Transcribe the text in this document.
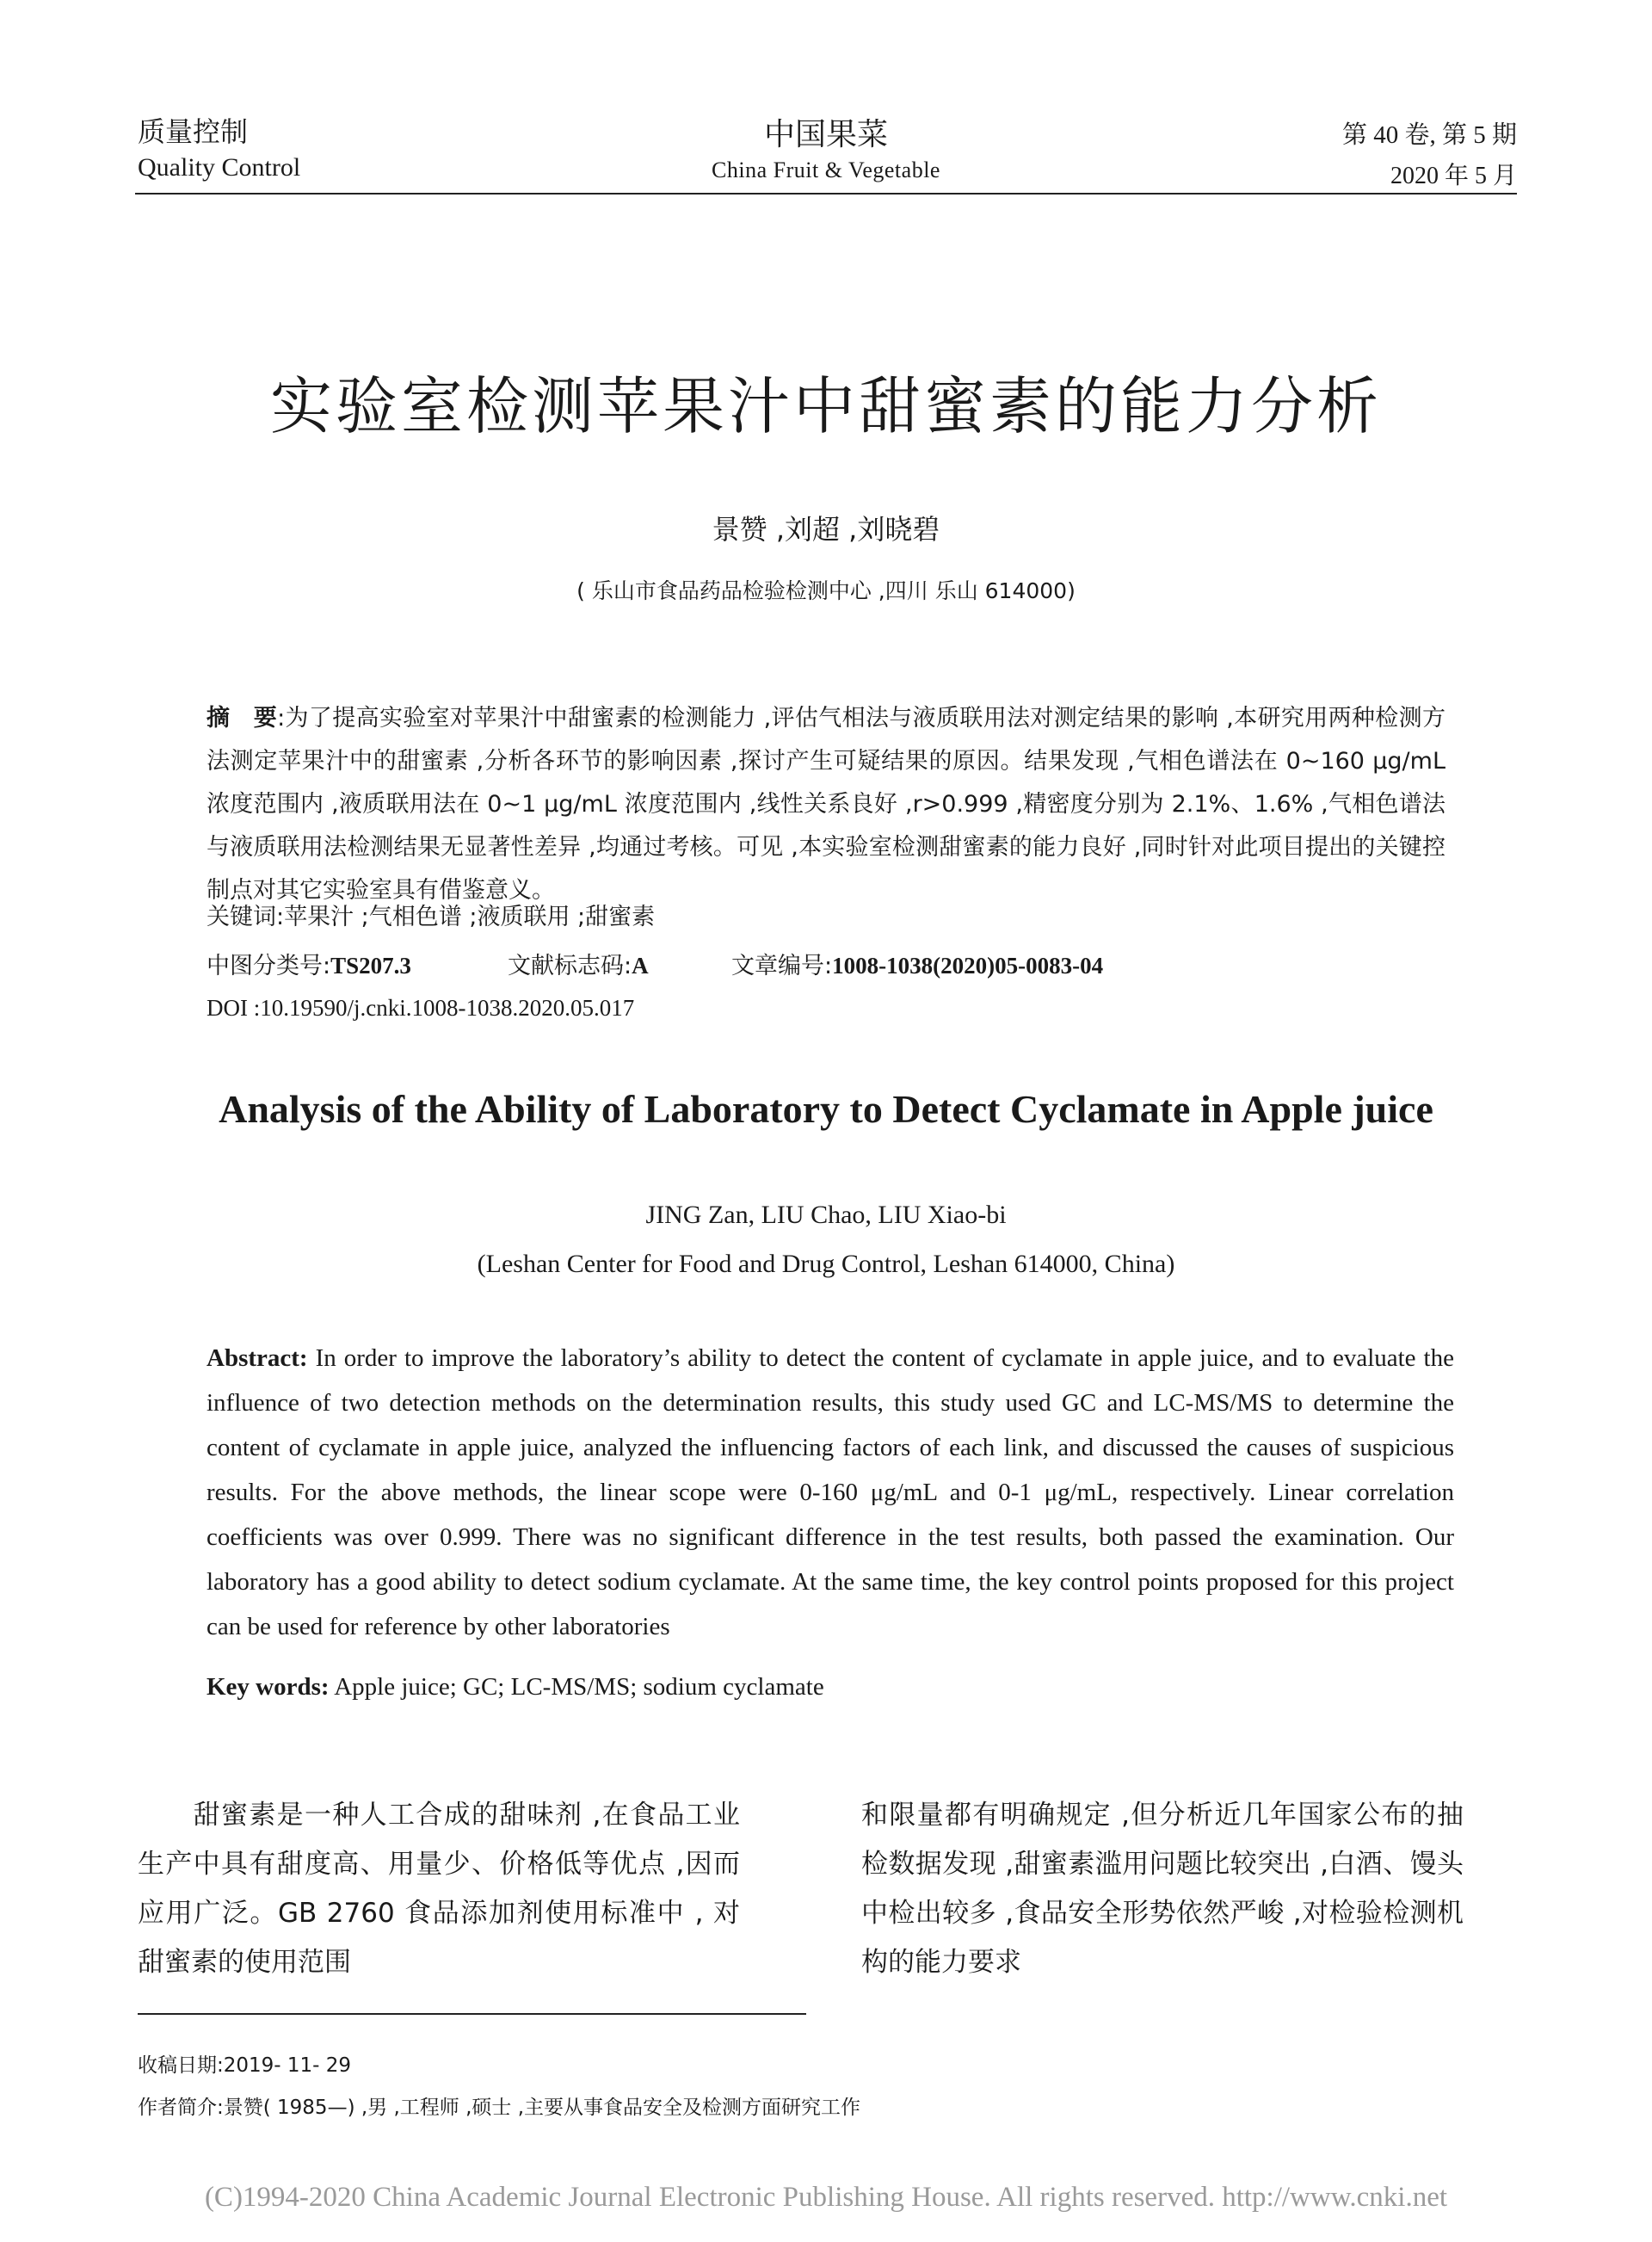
质量控制
Quality Control
中国果菜
China Fruit & Vegetable
第 40 卷, 第 5 期
2020 年 5 月
实验室检测苹果汁中甜蜜素的能力分析
景赞 ,刘超 ,刘晓碧
( 乐山市食品药品检验检测中心 ,四川 乐山 614000)
摘　要:为了提高实验室对苹果汁中甜蜜素的检测能力 ,评估气相法与液质联用法对测定结果的影响 ,本研究用两种检测方法测定苹果汁中的甜蜜素 ,分析各环节的影响因素 ,探讨产生可疑结果的原因。结果发现 ,气相色谱法在 0~160 μg/mL 浓度范围内 ,液质联用法在 0~1 μg/mL 浓度范围内 ,线性关系良好 ,r>0.999 ,精密度分别为 2.1%、1.6% ,气相色谱法与液质联用法检测结果无显著性差异 ,均通过考核。可见 ,本实验室检测甜蜜素的能力良好 ,同时针对此项目提出的关键控制点对其它实验室具有借鉴意义。
关键词:苹果汁 ;气相色谱 ;液质联用 ;甜蜜素
中图分类号:TS207.3	文献标志码:A	文章编号:1008-1038(2020)05-0083-04
DOI :10.19590/j.cnki.1008-1038.2020.05.017
Analysis of the Ability of Laboratory to Detect Cyclamate in Apple juice
JING Zan, LIU Chao, LIU Xiao-bi
(Leshan Center for Food and Drug Control, Leshan 614000, China)
Abstract: In order to improve the laboratory’s ability to detect the content of cyclamate in apple juice, and to evaluate the influence of two detection methods on the determination results, this study used GC and LC-MS/MS to determine the content of cyclamate in apple juice, analyzed the influencing factors of each link, and discussed the causes of suspicious results. For the above methods, the linear scope were 0-160 μg/mL and 0-1 μg/mL, respectively. Linear correlation coefficients was over 0.999. There was no significant difference in the test results, both passed the examination. Our laboratory has a good ability to detect sodium cyclamate. At the same time, the key control points proposed for this project can be used for reference by other laboratories
Key words: Apple juice; GC; LC-MS/MS; sodium cyclamate
　　甜蜜素是一种人工合成的甜味剂 ,在食品工业生产中具有甜度高、用量少、价格低等优点 ,因而应用广泛。GB 2760 食品添加剂使用标准中 , 对甜蜜素的使用范围
和限量都有明确规定 ,但分析近几年国家公布的抽检数据发现 ,甜蜜素滥用问题比较突出 ,白酒、馒头中检出较多 ,食品安全形势依然严峻 ,对检验检测机构的能力要求
收稿日期:2019- 11- 29
作者简介:景赞( 1985—) ,男 ,工程师 ,硕士 ,主要从事食品安全及检测方面研究工作
(C)1994-2020 China Academic Journal Electronic Publishing House. All rights reserved. http://www.cnki.net
